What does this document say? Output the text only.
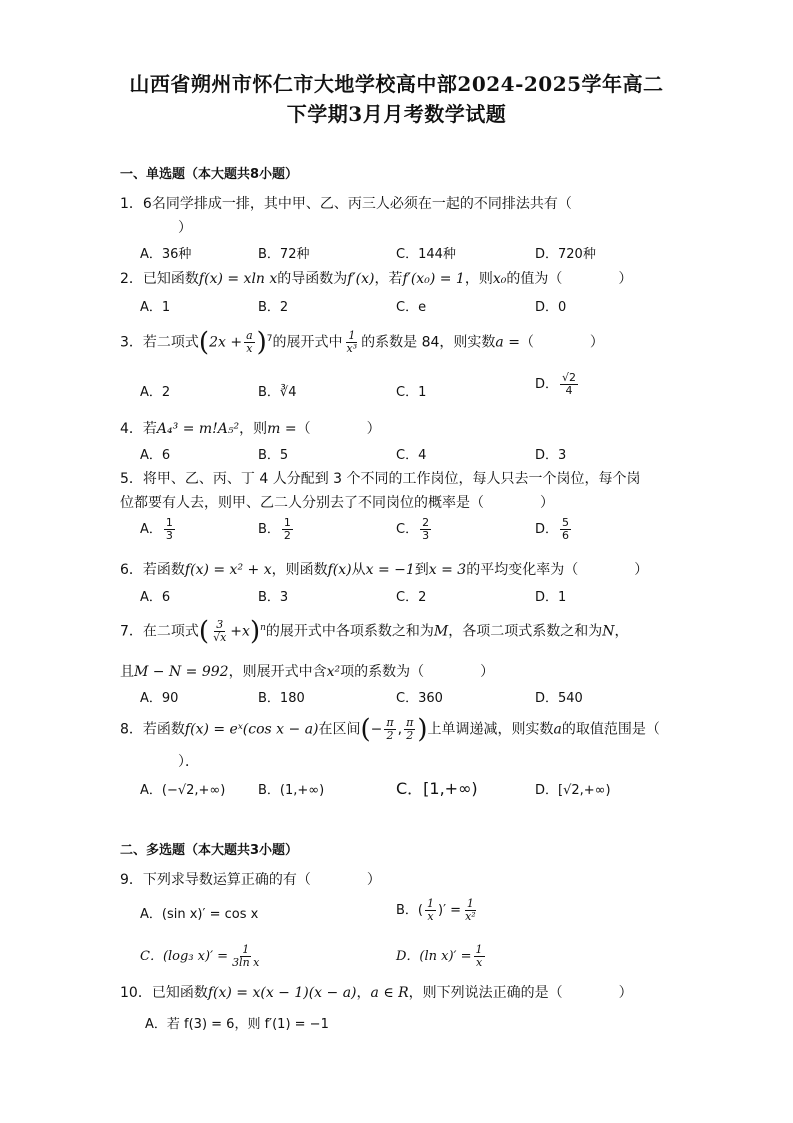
山西省朔州市怀仁市大地学校高中部2024-2025学年高二
下学期3月月考数学试题
一、单选题（本大题共8小题）
1．6名同学排成一排，其中甲、乙、丙三人必须在一起的不同排法共有（
）
A．36种	B．72种	C．144种	D．720种
2．已知函数f(x) = xln x的导函数为f′(x)，若f′(x₀) = 1，则x₀的值为（　　　　）
A．1	B．2	C．e	D．0
3．若二项式$(2x + \frac{a}{x} )^7$的展开式中 $\frac{1}{\text{x³}}$ 的系数是 84，则实数a =（　　　　）
A．2	B．∛4	C．1
D． $\frac{√2}{4}$
4．若A₄³ = m!A₅²，则m =（　　　　）
A．6	B．5	C．4	D．3
5．将甲、乙、丙、丁 4 人分配到 3 个不同的工作岗位，每人只去一个岗位，每个岗
位都要有人去，则甲、乙二人分别去了不同岗位的概率是（　　　　）
A． $\frac{1}{3}$	B． $\frac{1}{2}$	C． $\frac{2}{3}$	D． $\frac{5}{6}$
6．若函数f(x) = x² + x，则函数f(x)从x = −1到x = 3的平均变化率为（　　　　）
A．6	B．3	C．2	D．1
7．在二项式( $\frac{3}{√x} +x)^n$的展开式中各项系数之和为M，各项二项式系数之和为N，
且M − N = 992，则展开式中含x²项的系数为（　　　　）
A．90	B．180	C．360	D．540
8．若函数f(x) = eˣ(cos x − a)在区间(− $\frac{\pi}{2}$ , $\frac{\pi}{2}$ )上单调递减，则实数a的取值范围是（
）．
A．(−√2,+∞)	B．(1,+∞)	C．[1,+∞)	D．[√2,+∞)
二、多选题（本大题共3小题）
9．下列求导数运算正确的有（　　　　）
A．(sin x)′ = cos x	B．( $\frac{1}{x}$ )′ = $\frac{1}{\text{x²}}$
C．(log₃ $x)' = \frac{1}{\text{3ln x}}$	D．(ln $x)' = \frac{1}{x}$
10．已知函数f(x) = x(x − 1)(x − a)，a ∈ R，则下列说法正确的是（　　　　）
A．若 f(3) = 6，则 f′(1) = −1
